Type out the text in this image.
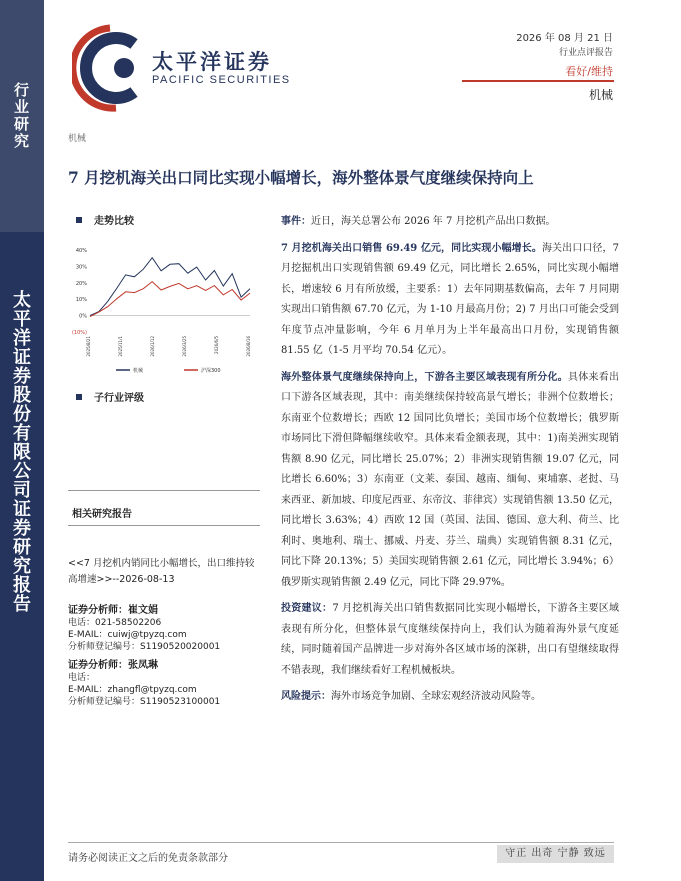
行业研究
太平洋证券股份有限公司证券研究报告
太平洋证券
PACIFIC SECURITIES
2026 年 08 月 21 日
行业点评报告
看好/维持
机械
机械
7 月挖机海关出口同比实现小幅增长，海外整体景气度继续保持向上
走势比较
40%
30%
20%
10%
0%
(10%)
2025/8/21	2025/11/1	2026/1/12	2026/3/25	2026/6/5	2026/8/16
机械	沪深300
子行业评级
相关研究报告
<<7 月挖机内销同比小幅增长，出口维持较高增速>>--2026-08-13
证券分析师：崔文娟
电话：021-58502206
E-MAIL：cuiwj@tpyzq.com
分析师登记编号：S1190520020001
证券分析师：张凤琳
电话：
E-MAIL：zhangfl@tpyzq.com
分析师登记编号：S1190523100001

事件：近日，海关总署公布 2026 年 7 月挖机产品出口数据。

7 月挖机海关出口销售 69.49 亿元，同比实现小幅增长。海关出口口径，7 月挖掘机出口实现销售额 69.49 亿元，同比增长 2.65%，同比实现小幅增长，增速较 6 月有所放缓，主要系：1）去年同期基数偏高，去年 7 月同期实现出口销售额 67.70 亿元，为 1-10 月最高月份；2) 7 月出口可能会受到年度节点冲量影响，今年 6 月单月为上半年最高出口月份，实现销售额 81.55 亿（1-5 月平均 70.54 亿元）。

海外整体景气度继续保持向上，下游各主要区域表现有所分化。具体来看出口下游各区域表现，其中：南美继续保持较高景气增长；非洲个位数增长；东南亚个位数增长；西欧 12 国同比负增长；美国市场个位数增长；俄罗斯市场同比下滑但降幅继续收窄。具体来看金额表现，其中：1)南美洲实现销售额 8.90 亿元，同比增长 25.07%；2）非洲实现销售额 19.07 亿元，同比增长 6.60%；3）东南亚（文莱、泰国、越南、缅甸、柬埔寨、老挝、马来西亚、新加坡、印度尼西亚、东帝汶、菲律宾）实现销售额 13.50 亿元，同比增长 3.63%；4）西欧 12 国（英国、法国、德国、意大利、荷兰、比利时、奥地利、瑞士、挪威、丹麦、芬兰、瑞典）实现销售额 8.31 亿元，同比下降 20.13%；5）美国实现销售额 2.61 亿元，同比增长 3.94%；6）俄罗斯实现销售额 2.49 亿元，同比下降 29.97%。

投资建议：7 月挖机海关出口销售数据同比实现小幅增长，下游各主要区域表现有所分化，但整体景气度继续保持向上，我们认为随着海外景气度延续，同时随着国产品牌进一步对海外各区域市场的深耕，出口有望继续取得不错表现，我们继续看好工程机械板块。

风险提示：海外市场竞争加剧、全球宏观经济波动风险等。

请务必阅读正文之后的免责条款部分	守正 出奇 宁静 致远
